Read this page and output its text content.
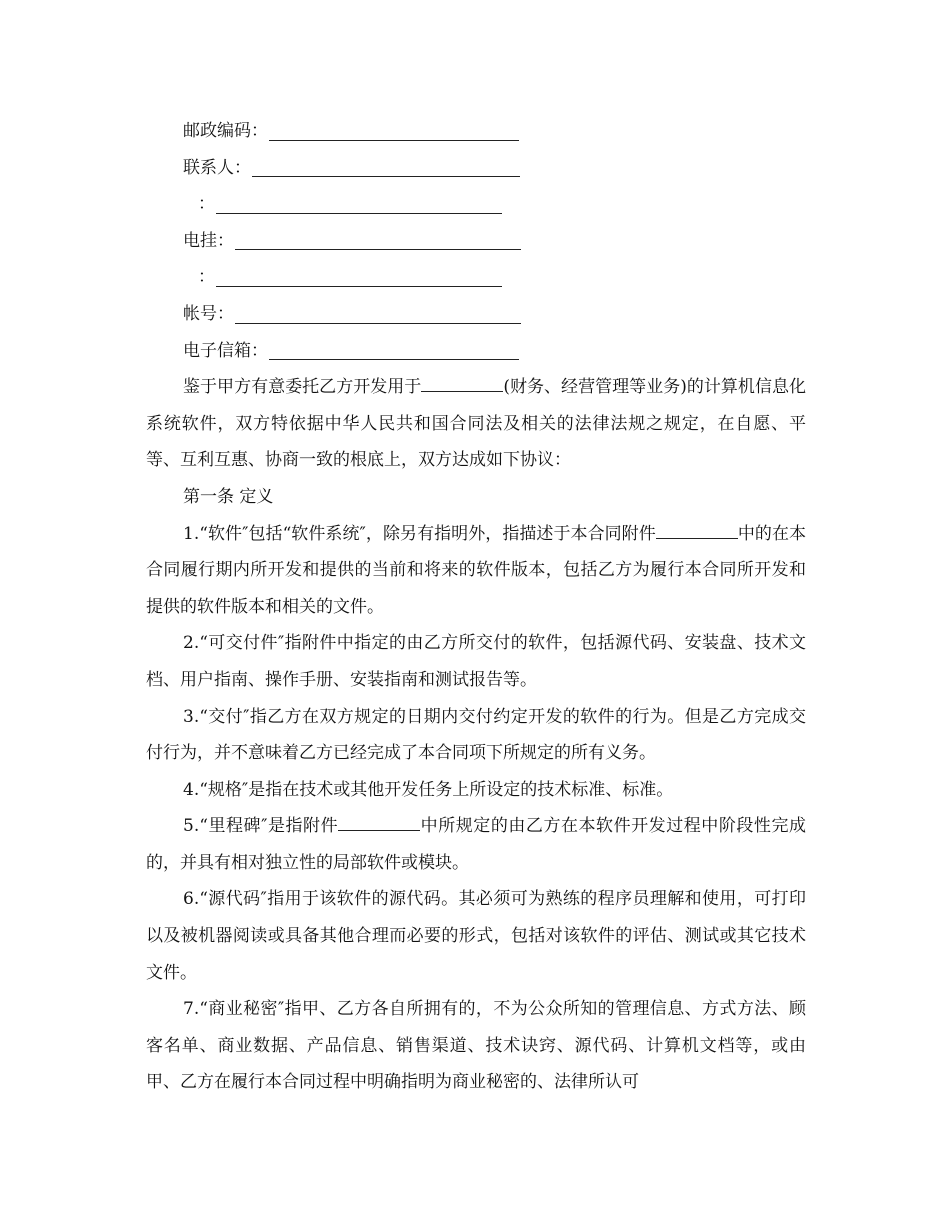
邮政编码：
联系人：
：
电挂：
：
帐号：
电子信箱：

鉴于甲方有意委托乙方开发用于	(财务、经营管理等业务)的计算机信息化系统软件，双方特依据中华人民共和国合同法及相关的法律法规之规定，在自愿、平等、互利互惠、协商一致的根底上，双方达成如下协议：

第一条 定义

1.“软件″包括“软件系统″，除另有指明外，指描述于本合同附件	中的在本合同履行期内所开发和提供的当前和将来的软件版本，包括乙方为履行本合同所开发和提供的软件版本和相关的文件。

2.“可交付件″指附件中指定的由乙方所交付的软件，包括源代码、安装盘、技术文档、用户指南、操作手册、安装指南和测试报告等。

3.“交付″指乙方在双方规定的日期内交付约定开发的软件的行为。但是乙方完成交付行为，并不意味着乙方已经完成了本合同项下所规定的所有义务。

4.“规格″是指在技术或其他开发任务上所设定的技术标准、标准。

5.“里程碑″是指附件	中所规定的由乙方在本软件开发过程中阶段性完成的，并具有相对独立性的局部软件或模块。

6.“源代码″指用于该软件的源代码。其必须可为熟练的程序员理解和使用，可打印以及被机器阅读或具备其他合理而必要的形式，包括对该软件的评估、测试或其它技术文件。

7.“商业秘密″指甲、乙方各自所拥有的，不为公众所知的管理信息、方式方法、顾客名单、商业数据、产品信息、销售渠道、技术诀窍、源代码、计算机文档等，或由甲、乙方在履行本合同过程中明确指明为商业秘密的、法律所认可
